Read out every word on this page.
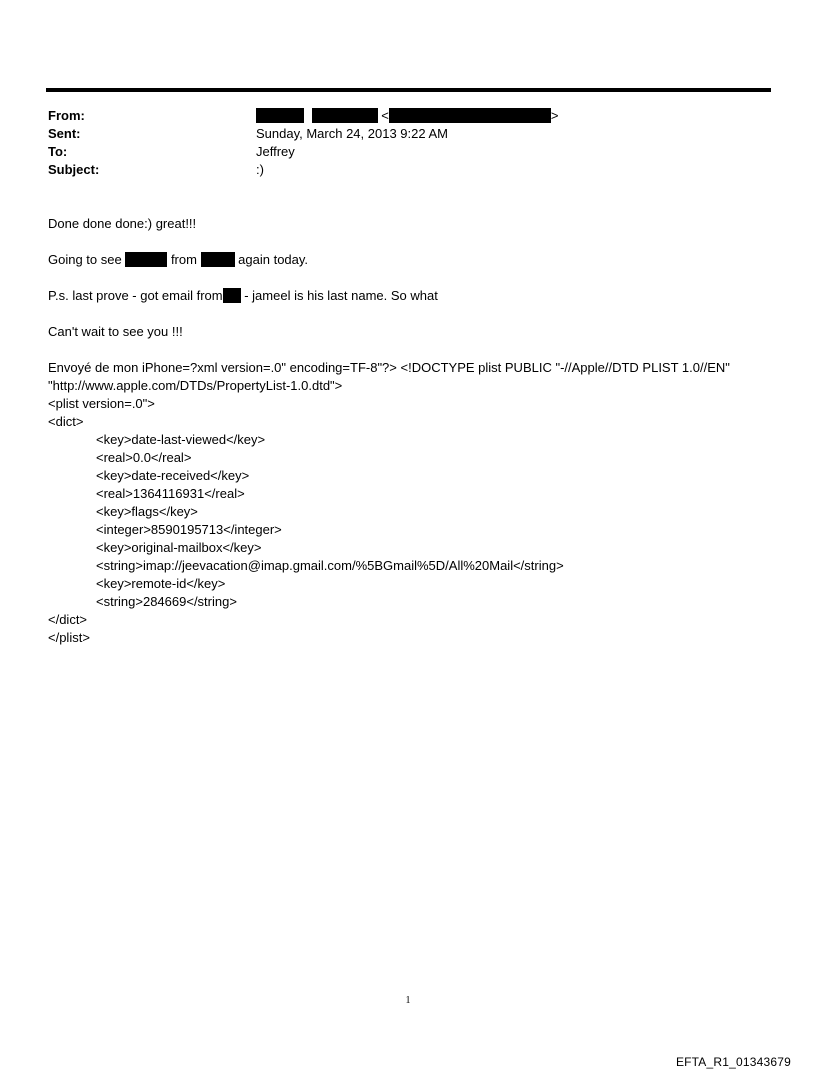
From:	<	>
Sent:	Sunday, March 24, 2013 9:22 AM
To:	Jeffrey
Subject:	:)
Done done done:) great!!!
Going to see	from	again today.
P.s. last prove - got email from - jameel is his last name. So what
Can't wait to see you !!!
Envoyé de mon iPhone=?xml version=.0" encoding=TF-8"?> <!DOCTYPE plist PUBLIC "-//Apple//DTD PLIST 1.0//EN"
"http://www.apple.com/DTDs/PropertyList-1.0.dtd">
<plist version=.0">
<dict>
<key>date-last-viewed</key>
<real>0.0</real>
<key>date-received</key>
<real>1364116931</real>
<key>flags</key>
<integer>8590195713</integer>
<key>original-mailbox</key>
<string>imap://jeevacation@imap.gmail.com/%5BGmail%5D/All%20Mail</string>
<key>remote-id</key>
<string>284669</string>
</dict>
</plist>
1
EFTA_R1_01343679
